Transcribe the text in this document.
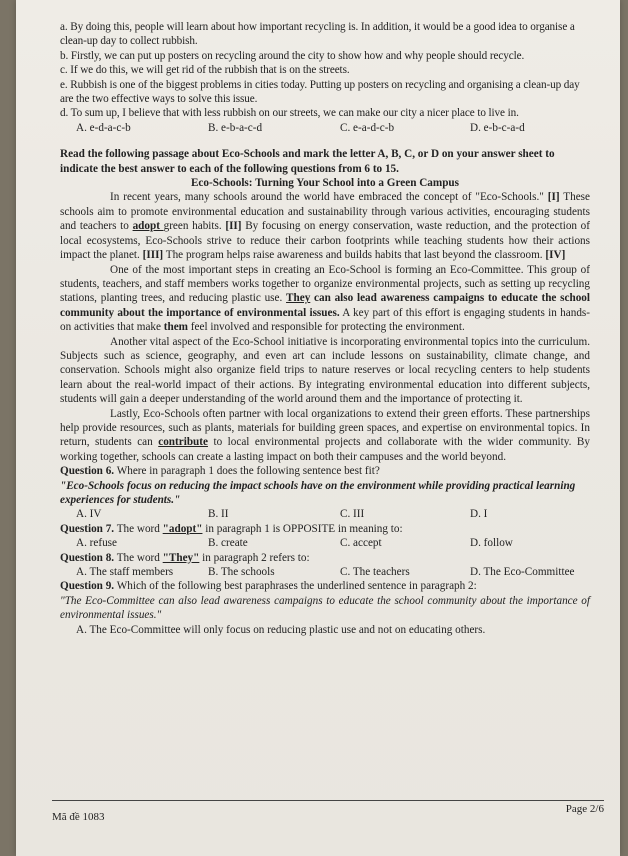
a. By doing this, people will learn about how important recycling is. In addition, it would be a good idea to organise a clean-up day to collect rubbish.

b. Firstly, we can put up posters on recycling around the city to show how and why people should recycle.

c. If we do this, we will get rid of the rubbish that is on the streets.

e. Rubbish is one of the biggest problems in cities today. Putting up posters on recycling and organising a clean-up day are the two effective ways to solve this issue.

d. To sum up, I believe that with less rubbish on our streets, we can make our city a nicer place to live in.

A. e-d-a-c-b	B. e-b-a-c-d	C. e-a-d-c-b	D. e-b-c-a-d

Read the following passage about Eco-Schools and mark the letter A, B, C, or D on your answer sheet to indicate the best answer to each of the following questions from 6 to 15.

Eco-Schools: Turning Your School into a Green Campus

In recent years, many schools around the world have embraced the concept of "Eco-Schools." [I] These schools aim to promote environmental education and sustainability through various activities, encouraging students and teachers to adopt green habits. [II] By focusing on energy conservation, waste reduction, and the protection of local ecosystems, Eco-Schools strive to reduce their carbon footprints while teaching students how their actions impact the planet. [III] The program helps raise awareness and builds habits that last beyond the classroom. [IV]

One of the most important steps in creating an Eco-School is forming an Eco-Committee. This group of students, teachers, and staff members works together to organize environmental projects, such as setting up recycling stations, planting trees, and reducing plastic use. They can also lead awareness campaigns to educate the school community about the importance of environmental issues. A key part of this effort is engaging students in hands-on activities that make them feel involved and responsible for protecting the environment.

Another vital aspect of the Eco-School initiative is incorporating environmental topics into the curriculum. Subjects such as science, geography, and even art can include lessons on sustainability, climate change, and conservation. Schools might also organize field trips to nature reserves or local recycling centers to help students learn about the real-world impact of their actions. By integrating environmental education into different subjects, students will gain a deeper understanding of the world around them and the importance of protecting it.

Lastly, Eco-Schools often partner with local organizations to extend their green efforts. These partnerships help provide resources, such as plants, materials for building green spaces, and expertise on environmental topics. In return, students can contribute to local environmental projects and collaborate with the wider community. By working together, schools can create a lasting impact on both their campuses and the world beyond.

Question 6. Where in paragraph 1 does the following sentence best fit?

"Eco-Schools focus on reducing the impact schools have on the environment while providing practical learning experiences for students."

A. IV	B. II	C. III	D. I

Question 7. The word "adopt" in paragraph 1 is OPPOSITE in meaning to:

A. refuse	B. create	C. accept	D. follow

Question 8. The word "They" in paragraph 2 refers to:

A. The staff members	B. The schools	C. The teachers	D. The Eco-Committee

Question 9. Which of the following best paraphrases the underlined sentence in paragraph 2:

"The Eco-Committee can also lead awareness campaigns to educate the school community about the importance of environmental issues."

A. The Eco-Committee will only focus on reducing plastic use and not on educating others.

Mã đề 1083
Page 2/6
